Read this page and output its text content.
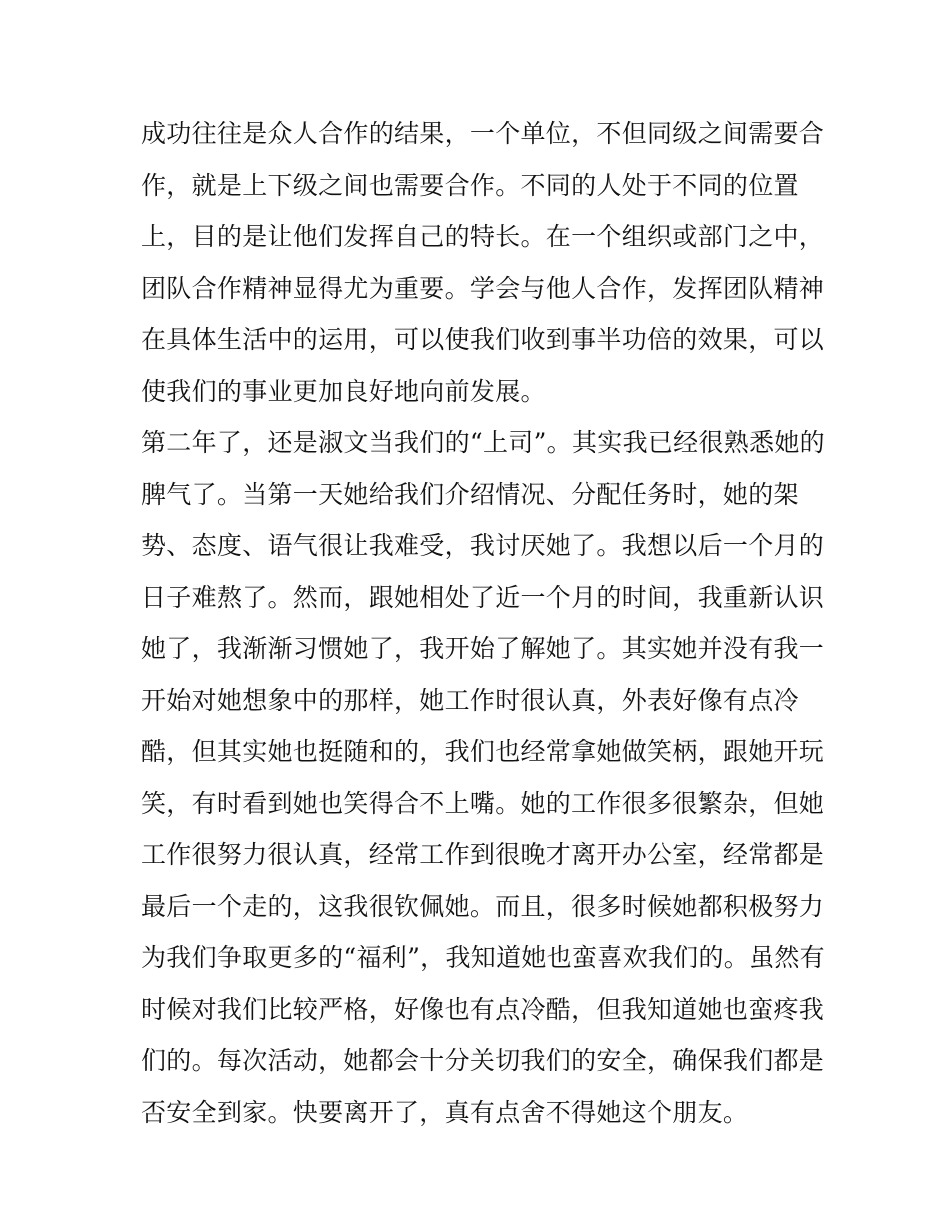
成功往往是众人合作的结果，一个单位，不但同级之间需要合
作，就是上下级之间也需要合作。不同的人处于不同的位置
上，目的是让他们发挥自己的特长。在一个组织或部门之中，
团队合作精神显得尤为重要。学会与他人合作，发挥团队精神
在具体生活中的运用，可以使我们收到事半功倍的效果，可以
使我们的事业更加良好地向前发展。
第二年了，还是淑文当我们的“上司”。其实我已经很熟悉她的
脾气了。当第一天她给我们介绍情况、分配任务时，她的架
势、态度、语气很让我难受，我讨厌她了。我想以后一个月的
日子难熬了。然而，跟她相处了近一个月的时间，我重新认识
她了，我渐渐习惯她了，我开始了解她了。其实她并没有我一
开始对她想象中的那样，她工作时很认真，外表好像有点冷
酷，但其实她也挺随和的，我们也经常拿她做笑柄，跟她开玩
笑，有时看到她也笑得合不上嘴。她的工作很多很繁杂，但她
工作很努力很认真，经常工作到很晚才离开办公室，经常都是
最后一个走的，这我很钦佩她。而且，很多时候她都积极努力
为我们争取更多的“福利”，我知道她也蛮喜欢我们的。虽然有
时候对我们比较严格，好像也有点冷酷，但我知道她也蛮疼我
们的。每次活动，她都会十分关切我们的安全，确保我们都是
否安全到家。快要离开了，真有点舍不得她这个朋友。
